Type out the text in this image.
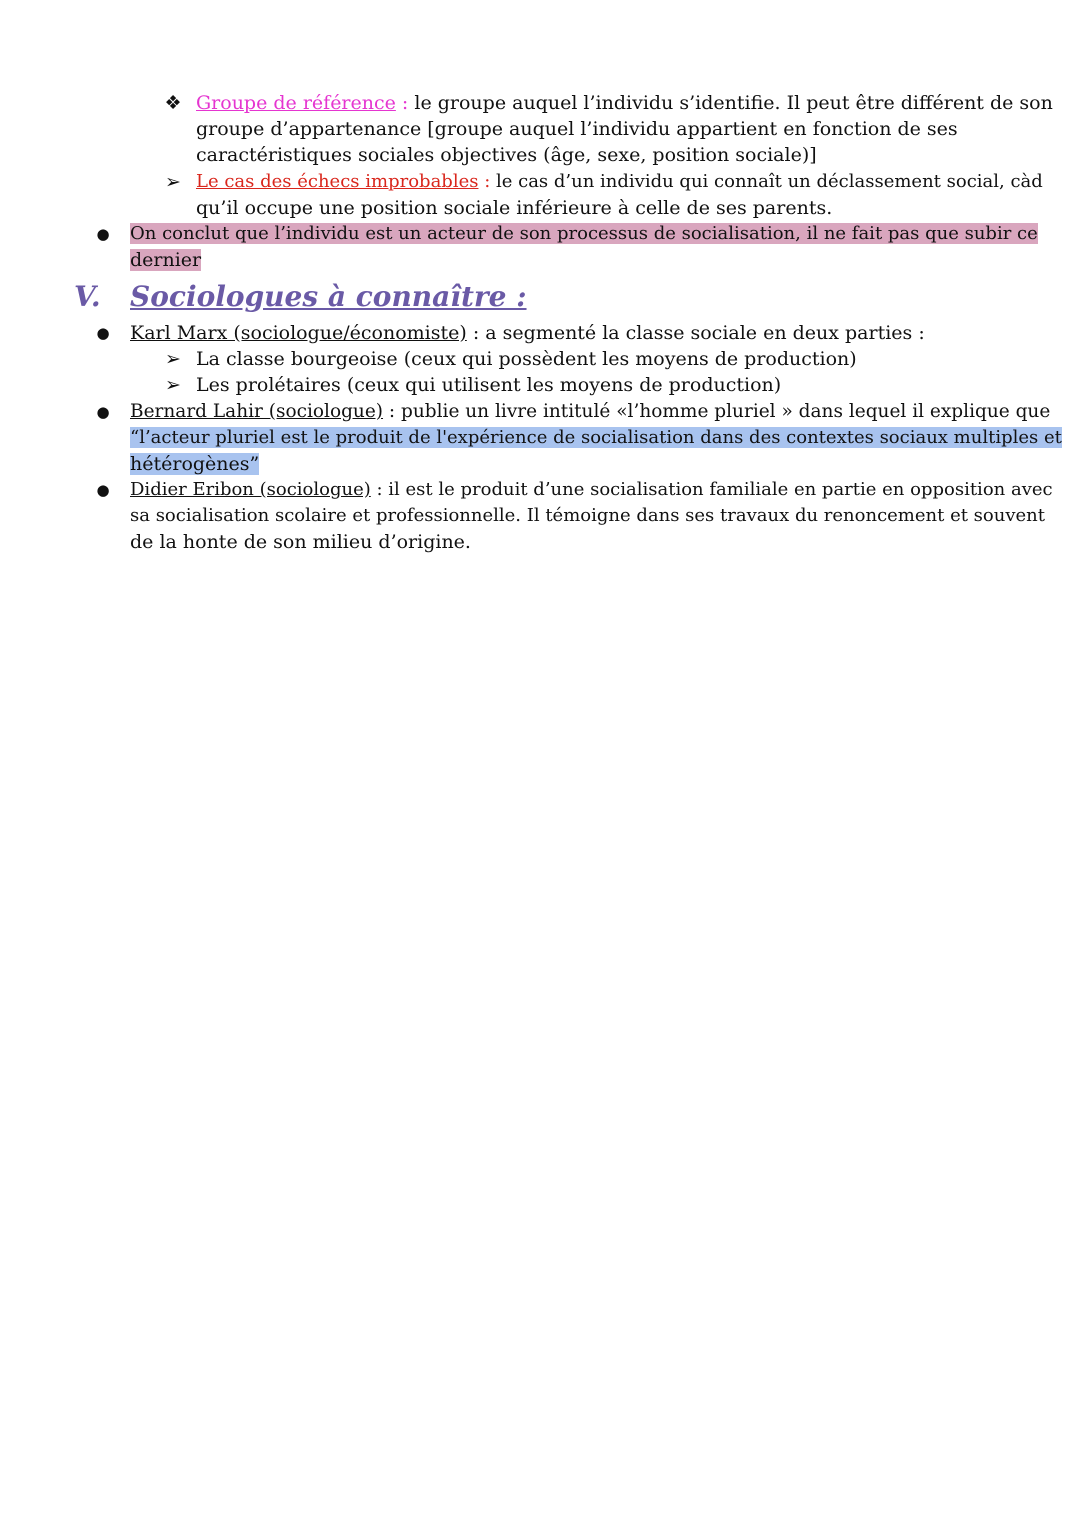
❖ Groupe de référence : le groupe auquel l’individu s’identifie. Il peut être différent de son
groupe d’appartenance [groupe auquel l’individu appartient en fonction de ses
caractéristiques sociales objectives (âge, sexe, position sociale)]
➢ Le cas des échecs improbables : le cas d’un individu qui connaît un déclassement social, càd
qu’il occupe une position sociale inférieure à celle de ses parents.
● On conclut que l’individu est un acteur de son processus de socialisation, il ne fait pas que subir ce
dernier
V. Sociologues à connaître :
● Karl Marx (sociologue/économiste) : a segmenté la classe sociale en deux parties :
➢ La classe bourgeoise (ceux qui possèdent les moyens de production)
➢ Les prolétaires (ceux qui utilisent les moyens de production)
● Bernard Lahir (sociologue) : publie un livre intitulé «l’homme pluriel » dans lequel il explique que
“l’acteur pluriel est le produit de l'expérience de socialisation dans des contextes sociaux multiples et
hétérogènes”
● Didier Eribon (sociologue) : il est le produit d’une socialisation familiale en partie en opposition avec
sa socialisation scolaire et professionnelle. Il témoigne dans ses travaux du renoncement et souvent
de la honte de son milieu d’origine.
